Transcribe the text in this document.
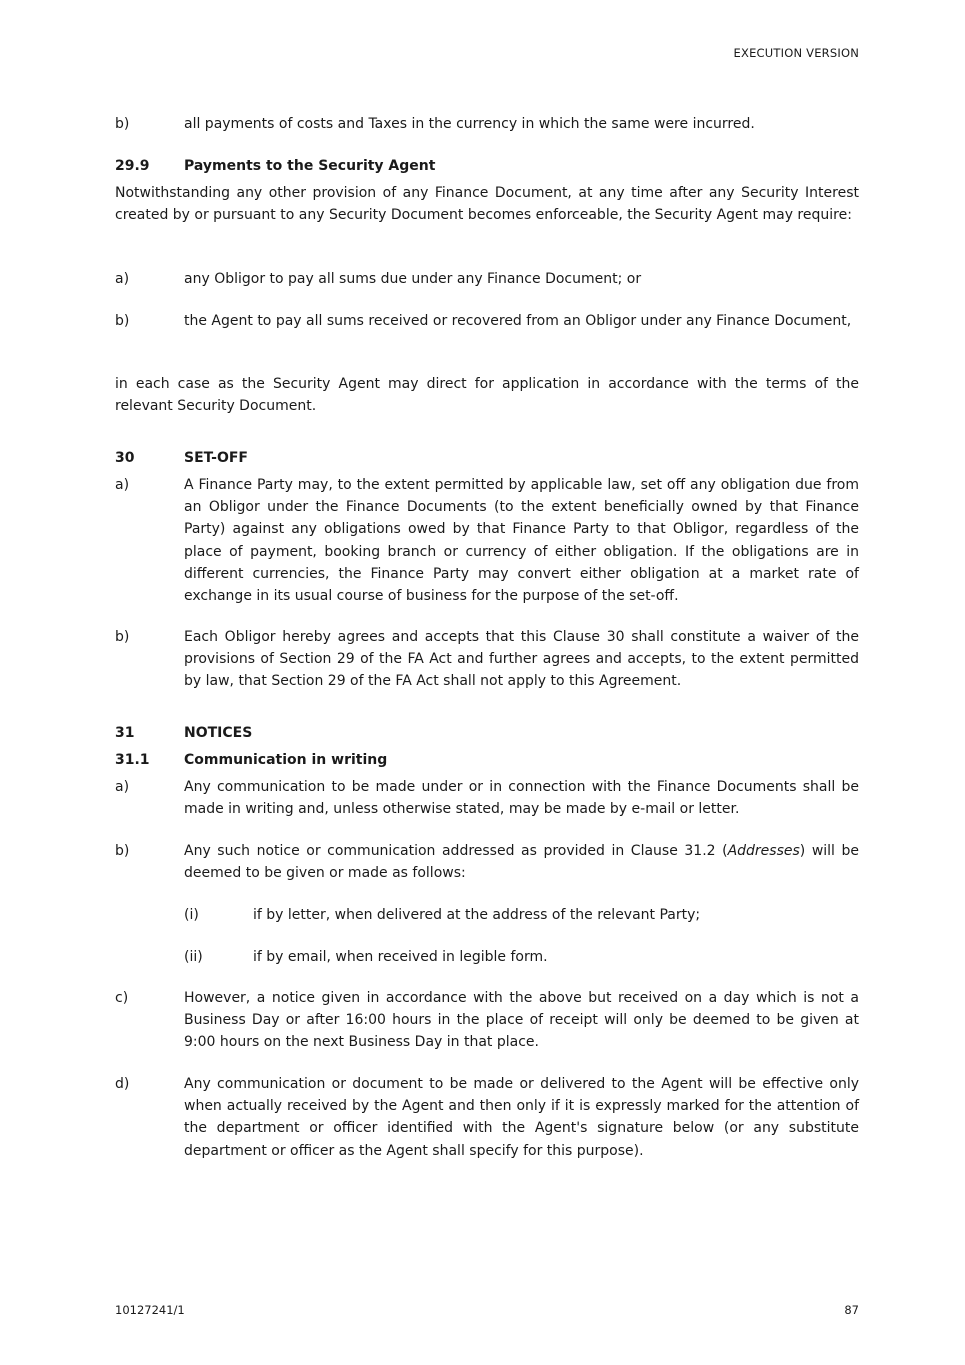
EXECUTION VERSION
b)	all payments of costs and Taxes in the currency in which the same were incurred.
29.9 Payments to the Security Agent
Notwithstanding any other provision of any Finance Document, at any time after any Security Interest created by or pursuant to any Security Document becomes enforceable, the Security Agent may require:
a)	any Obligor to pay all sums due under any Finance Document; or
b)	the Agent to pay all sums received or recovered from an Obligor under any Finance Document,
in each case as the Security Agent may direct for application in accordance with the terms of the relevant Security Document.
30	SET-OFF
a)	A Finance Party may, to the extent permitted by applicable law, set off any obligation due from an Obligor under the Finance Documents (to the extent beneficially owned by that Finance Party) against any obligations owed by that Finance Party to that Obligor, regardless of the place of payment, booking branch or currency of either obligation. If the obligations are in different currencies, the Finance Party may convert either obligation at a market rate of exchange in its usual course of business for the purpose of the set-off.
b)	Each Obligor hereby agrees and accepts that this Clause 30 shall constitute a waiver of the provisions of Section 29 of the FA Act and further agrees and accepts, to the extent permitted by law, that Section 29 of the FA Act shall not apply to this Agreement.
31	NOTICES
31.1 Communication in writing
a)	Any communication to be made under or in connection with the Finance Documents shall be made in writing and, unless otherwise stated, may be made by e-mail or letter.
b)	Any such notice or communication addressed as provided in Clause 31.2 (Addresses) will be deemed to be given or made as follows:
(i)	if by letter, when delivered at the address of the relevant Party;
(ii)	if by email, when received in legible form.
c)	However, a notice given in accordance with the above but received on a day which is not a Business Day or after 16:00 hours in the place of receipt will only be deemed to be given at 9:00 hours on the next Business Day in that place.
d)	Any communication or document to be made or delivered to the Agent will be effective only when actually received by the Agent and then only if it is expressly marked for the attention of the department or officer identified with the Agent's signature below (or any substitute department or officer as the Agent shall specify for this purpose).
10127241/1	87
